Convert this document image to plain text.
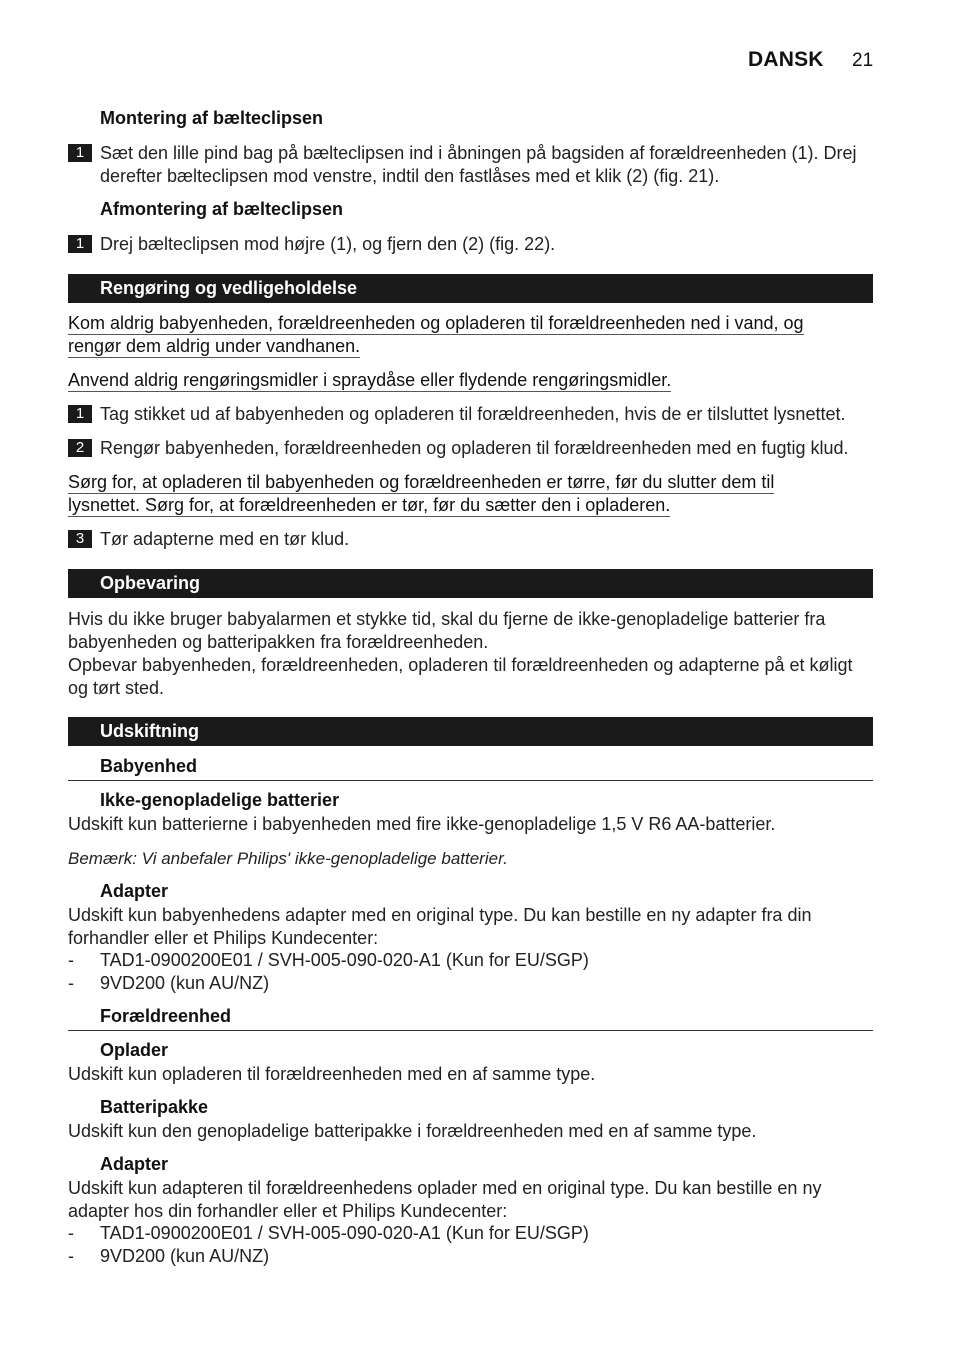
DANSK 21
Montering af bælteclipsen
1 Sæt den lille pind bag på bælteclipsen ind i åbningen på bagsiden af forældreenheden (1). Drej
derefter bælteclipsen mod venstre, indtil den fastlåses med et klik (2) (fig. 21).
Afmontering af bælteclipsen
1 Drej bælteclipsen mod højre (1), og fjern den (2) (fig. 22).
Rengøring og vedligeholdelse
Kom aldrig babyenheden, forældreenheden og opladeren til forældreenheden ned i vand, og
rengør dem aldrig under vandhanen.
Anvend aldrig rengøringsmidler i spraydåse eller flydende rengøringsmidler.
1 Tag stikket ud af babyenheden og opladeren til forældreenheden, hvis de er tilsluttet lysnettet.
2 Rengør babyenheden, forældreenheden og opladeren til forældreenheden med en fugtig klud.
Sørg for, at opladeren til babyenheden og forældreenheden er tørre, før du slutter dem til
lysnettet. Sørg for, at forældreenheden er tør, før du sætter den i opladeren.
3 Tør adapterne med en tør klud.
Opbevaring
Hvis du ikke bruger babyalarmen et stykke tid, skal du fjerne de ikke-genopladelige batterier fra
babyenheden og batteripakken fra forældreenheden.
Opbevar babyenheden, forældreenheden, opladeren til forældreenheden og adapterne på et køligt
og tørt sted.
Udskiftning
Babyenhed
Ikke-genopladelige batterier
Udskift kun batterierne i babyenheden med fire ikke-genopladelige 1,5 V R6 AA-batterier.
Bemærk: Vi anbefaler Philips' ikke-genopladelige batterier.
Adapter
Udskift kun babyenhedens adapter med en original type. Du kan bestille en ny adapter fra din
forhandler eller et Philips Kundecenter:
- TAD1-0900200E01 / SVH-005-090-020-A1 (Kun for EU/SGP)
- 9VD200 (kun AU/NZ)
Forældreenhed
Oplader
Udskift kun opladeren til forældreenheden med en af samme type.
Batteripakke
Udskift kun den genopladelige batteripakke i forældreenheden med en af samme type.
Adapter
Udskift kun adapteren til forældreenhedens oplader med en original type. Du kan bestille en ny
adapter hos din forhandler eller et Philips Kundecenter:
- TAD1-0900200E01 / SVH-005-090-020-A1 (Kun for EU/SGP)
- 9VD200 (kun AU/NZ)
